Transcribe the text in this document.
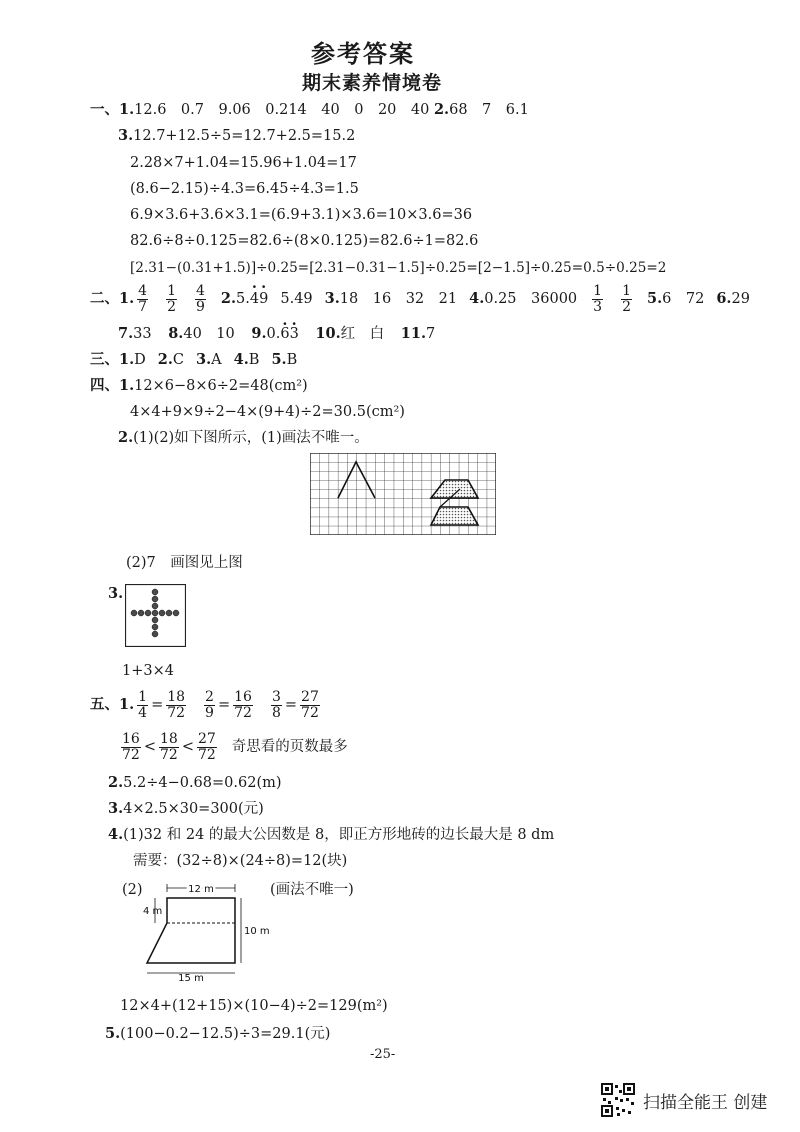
参考答案
期末素养情境卷
一、1.12.6　0.7　9.06　0.214　40　0　20　40 2.68　7　6.1
3.12.7+12.5÷5=12.7+2.5=15.2
2.28×7+1.04=15.96+1.04=17
(8.6−2.15)÷4.3=6.45÷4.3=1.5
6.9×3.6+3.6×3.1=(6.9+3.1)×3.6=10×3.6=36
82.6÷8÷0.125=82.6÷(8×0.125)=82.6÷1=82.6
[2.31−(0.31+1.5)]÷0.25=[2.31−0.31−1.5]÷0.25=[2−1.5]÷0.25=0.5÷0.25=2
二、 1. $\frac{4}{7} \frac{1}{2} \frac{4}{9} 2$. 5. · 4 · 9 5.49 3. 18　16　32　21 4. 0.25　$36000 \frac{1}{3} \frac{1}{2} 5$. 6　72 6. 29
7.33 8.40　10 9.0.· 6· 3 10.红　白 11.7
三、1.D 2.C 3.A 4.B 5.B
四、1.12×6−8×6÷2=48(cm²)
4×4+9×9÷2−4×(9+4)÷2=30.5(cm²)
2.(1)(2)如下图所示，(1)画法不唯一。
(2)7　画图见上图
3.
1+3×4
五、 1. $\frac{1}{4} = \frac{18}{72} \frac{2}{9} = \frac{16}{72} \frac{3}{8} = \frac{27}{72}$
$\frac{16}{72} < \frac{18}{72} < \frac{27}{72}$ 奇思看的页数最多
2.5.2÷4−0.68=0.62(m)
3.4×2.5×30=300(元)
4.(1)32 和 24 的最大公因数是 8，即正方形地砖的边长最大是 8 dm
需要：(32÷8)×(24÷8)=12(块)
(2)	(画法不唯一)
12 m
4 m
10 m
15 m
12×4+(12+15)×(10−4)÷2=129(m²)
5.(100−0.2−12.5)÷3=29.1(元)
-25-
扫描全能王 创建
